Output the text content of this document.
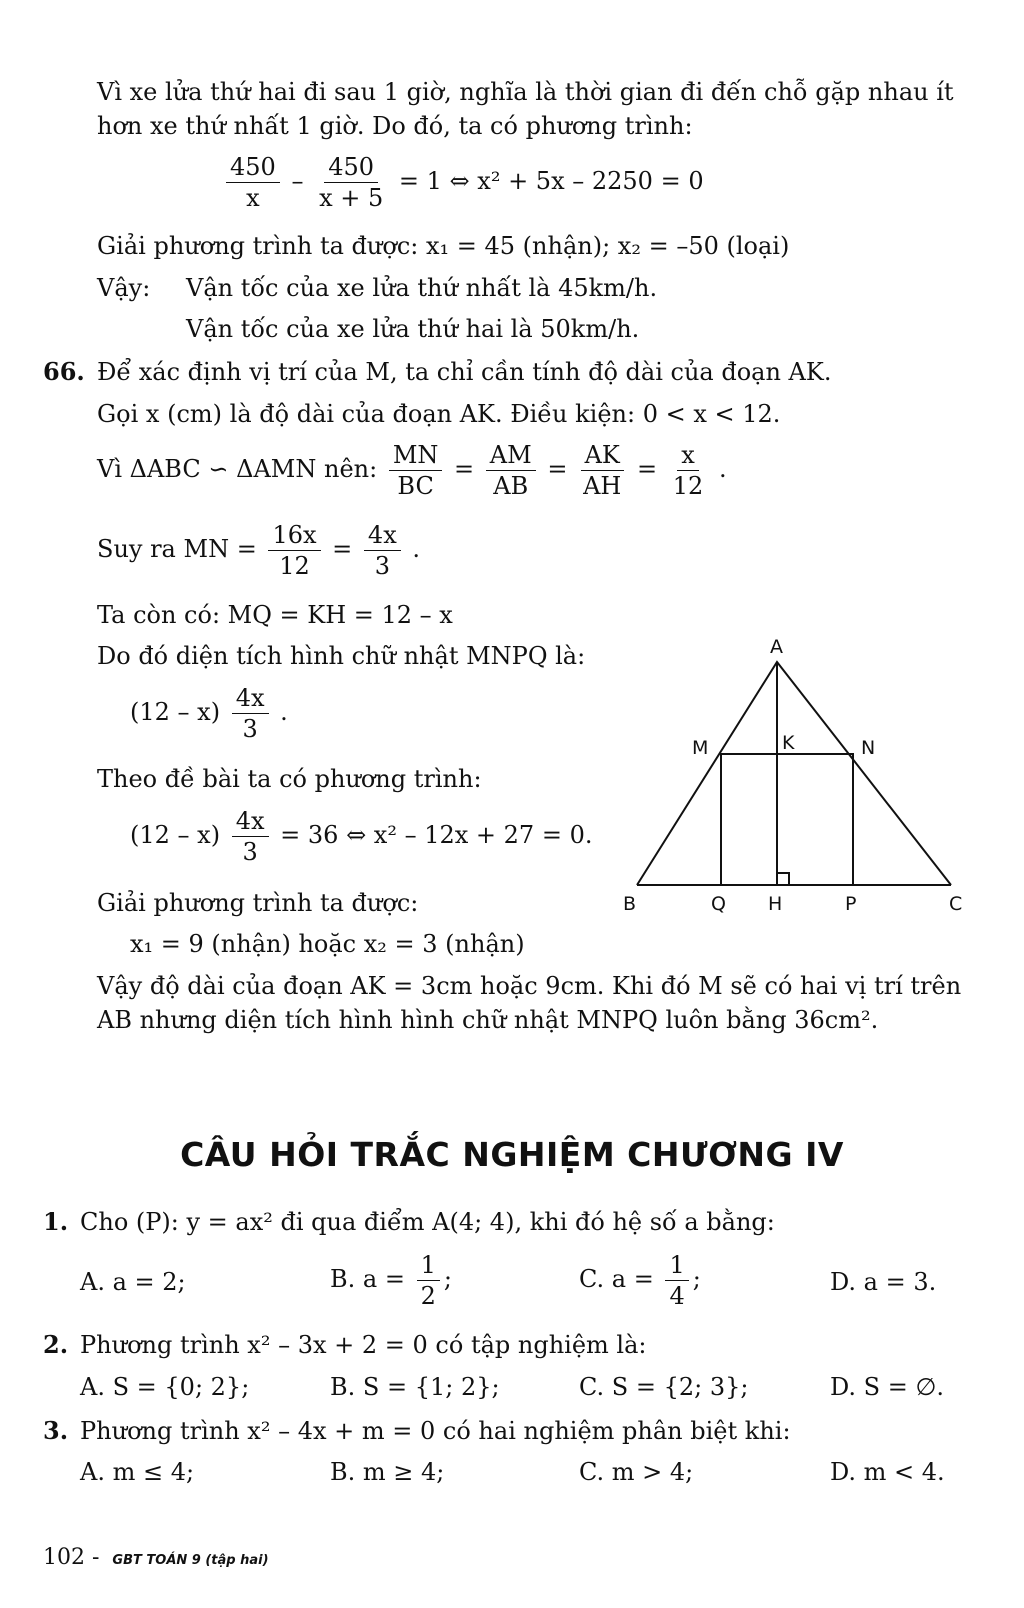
Vì xe lửa thứ hai đi sau 1 giờ, nghĩa là thời gian đi đến chỗ gặp nhau ít
hơn xe thứ nhất 1 giờ. Do đó, ta có phương trình:
$\frac{450}{x} - \frac{450}{x + 5} = 1$ ⇔ x² + 5x – 2250 = 0
Giải phương trình ta được: x₁ = 45 (nhận); x₂ = –50 (loại)
Vậy: Vận tốc của xe lửa thứ nhất là 45km/h.
Vận tốc của xe lửa thứ hai là 50km/h.
66. Để xác định vị trí của M, ta chỉ cần tính độ dài của đoạn AK.
Gọi x (cm) là độ dài của đoạn AK. Điều kiện: 0 < x < 12.
Vì ΔABC ∽ ΔAMN nên: $\frac{MN}{BC} = \frac{AM}{AB} = \frac{AK}{AH} = \frac{x}{12}$ .
Suy ra MN = $\frac{16x}{12} = \frac{4x}{3}$ .
Ta còn có: MQ = KH = 12 – x
Do đó diện tích hình chữ nhật MNPQ là:
$(12 - x) \frac{4x}{3}$ .
Theo đề bài ta có phương trình:
$(12 - x) \frac{4x}{3} = 36$ ⇔ x² – 12x + 27 = 0.
Giải phương trình ta được:
x₁ = 9 (nhận) hoặc x₂ = 3 (nhận)
Vậy độ dài của đoạn AK = 3cm hoặc 9cm. Khi đó M sẽ có hai vị trí trên
AB nhưng diện tích hình hình chữ nhật MNPQ luôn bằng 36cm².
A
M	K	N
B	Q H	P	C
CÂU HỎI TRẮC NGHIỆM CHƯƠNG IV
1. Cho (P): y = ax² đi qua điểm A(4; 4), khi đó hệ số a bằng:
A. a = 2;	B. $a = \frac{1}{2}$ ;	C. $a = \frac{1}{4}$ ;	D. a = 3.
2. Phương trình x² – 3x + 2 = 0 có tập nghiệm là:
A. S = {0; 2};	B. S = {1; 2};	C. S = {2; 3};	D. S = ∅.
3. Phương trình x² – 4x + m = 0 có hai nghiệm phân biệt khi:
A. m ≤ 4;	B. m ≥ 4;	C. m > 4;	D. m < 4.
102 - GBT TOÁN 9 (tập hai)
